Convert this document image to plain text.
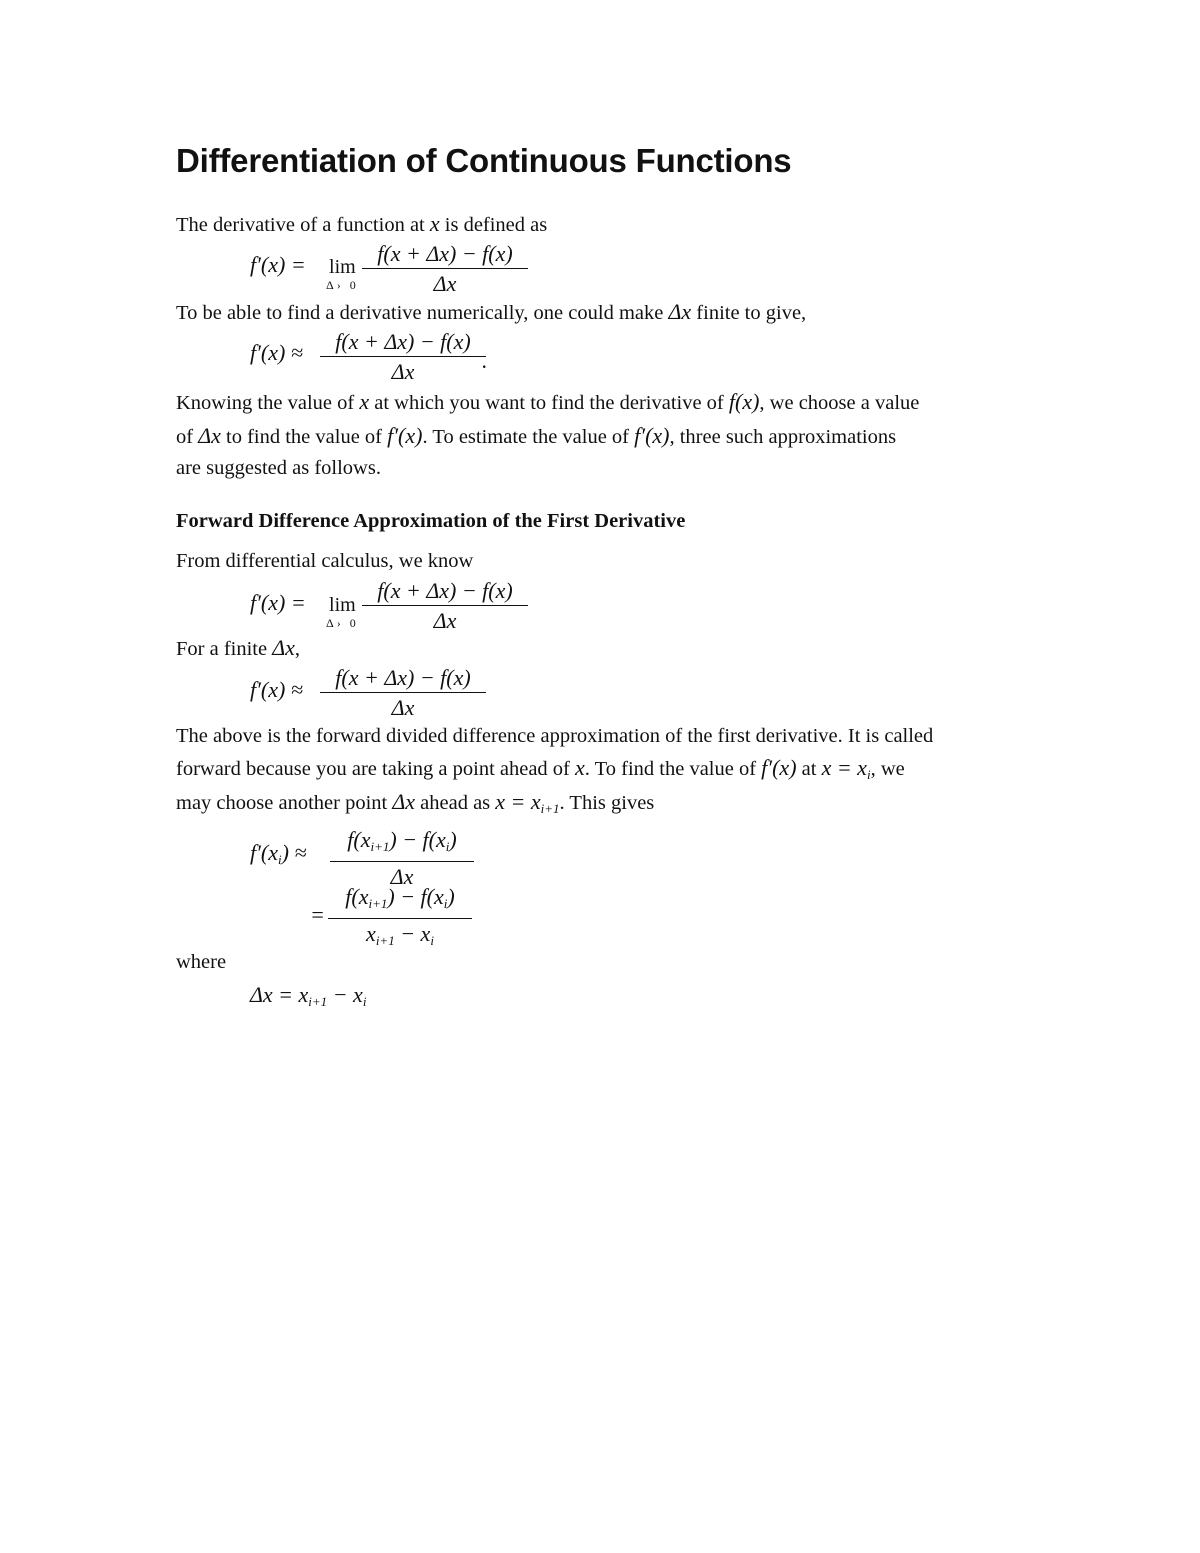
Differentiation of Continuous Functions
The derivative of a function at x is defined as
f′(x) = lim
Δ› $0 \frac{f(x + \Delta x) - f(x)}{\Delta x}$
To be able to find a derivative numerically, one could make Δx finite to give,
$f'(x) \approx \frac{f(x + \Delta x) - f(x)}{\Delta x}$
.
Knowing the value of x at which you want to find the derivative of f(x), we choose a value
of Δx to find the value of f′(x). To estimate the value of f′(x), three such approximations
are suggested as follows.
Forward Difference Approximation of the First Derivative
From differential calculus, we know
f′(x) = lim
Δ› $0 \frac{f(x + \Delta x) - f(x)}{\Delta x}$
For a finite Δx,
$f'(x) \approx \frac{f(x + \Delta x) - f(x)}{\Delta x}$
The above is the forward divided difference approximation of the first derivative. It is called
forward because you are taking a point ahead of x. To find the value of f′(x) at $x = x_i$, we
may choose another point Δx ahead as $x = x_{i+1}$. This gives
$f'(x_i) \approx \frac{f(x_{i+1}) - f(x_i)}{\Delta x}$
= $\frac{f(x_{i+1}) - f(x_i)}{x_{i+1} - x_i}$
where
$\Delta x = x_{i+1} - x_i$
